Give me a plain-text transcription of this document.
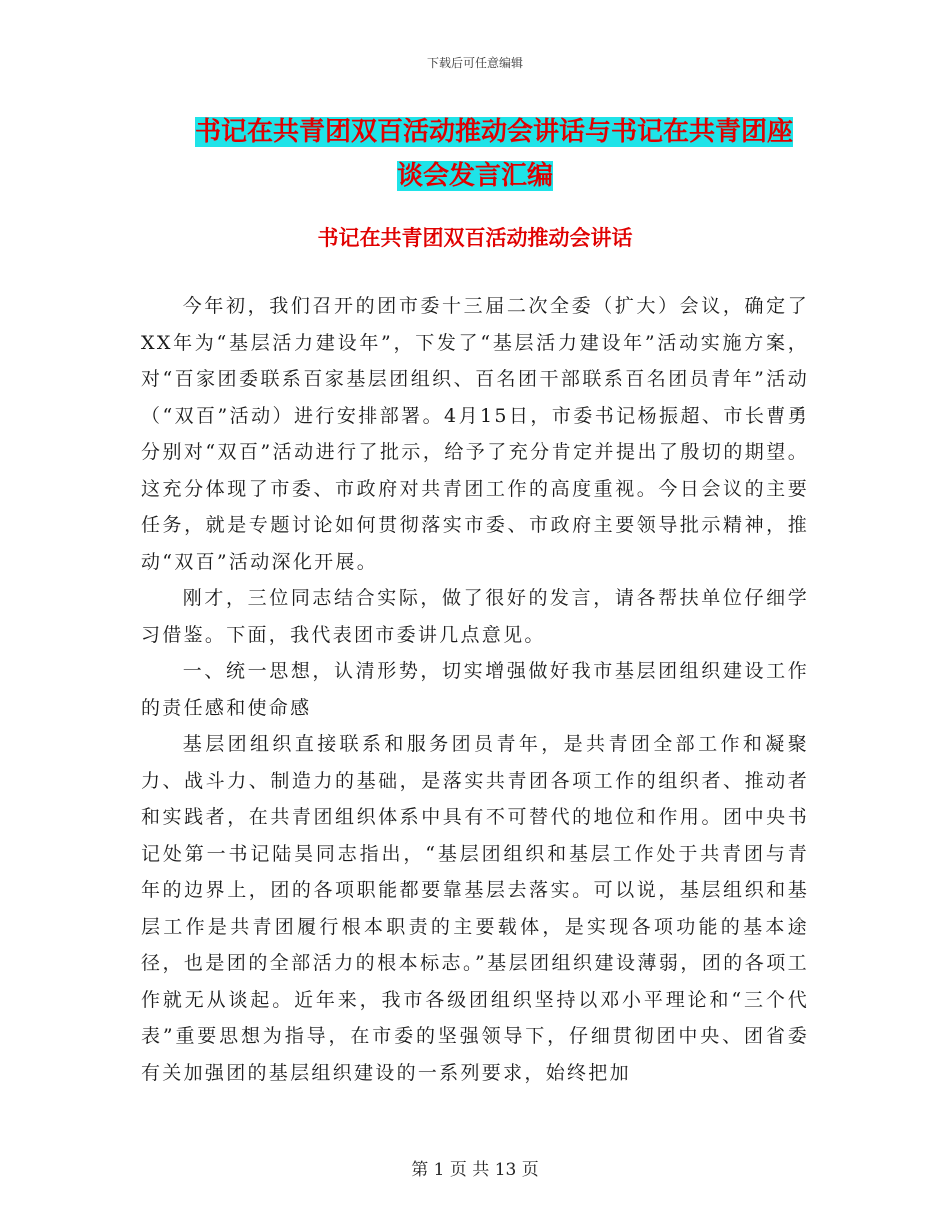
下载后可任意编辑
书记在共青团双百活动推动会讲话与书记在共青团座
谈会发言汇编
书记在共青团双百活动推动会讲话

今年初，我们召开的团市委十三届二次全委（扩大）会议，确定了XX年为“基层活力建设年”，下发了“基层活力建设年”活动实施方案，对“百家团委联系百家基层团组织、百名团干部联系百名团员青年”活动（“双百”活动）进行安排部署。4月15日，市委书记杨振超、市长曹勇分别对“双百”活动进行了批示，给予了充分肯定并提出了殷切的期望。这充分体现了市委、市政府对共青团工作的高度重视。今日会议的主要任务，就是专题讨论如何贯彻落实市委、市政府主要领导批示精神，推动“双百”活动深化开展。

刚才，三位同志结合实际，做了很好的发言，请各帮扶单位仔细学习借鉴。下面，我代表团市委讲几点意见。

一、统一思想，认清形势，切实增强做好我市基层团组织建设工作的责任感和使命感

基层团组织直接联系和服务团员青年，是共青团全部工作和凝聚力、战斗力、制造力的基础，是落实共青团各项工作的组织者、推动者和实践者，在共青团组织体系中具有不可替代的地位和作用。团中央书记处第一书记陆昊同志指出，“基层团组织和基层工作处于共青团与青年的边界上，团的各项职能都要靠基层去落实。可以说，基层组织和基层工作是共青团履行根本职责的主要载体，是实现各项功能的基本途径，也是团的全部活力的根本标志。”基层团组织建设薄弱，团的各项工作就无从谈起。近年来，我市各级团组织坚持以邓小平理论和“三个代表”重要思想为指导，在市委的坚强领导下，仔细贯彻团中央、团省委有关加强团的基层组织建设的一系列要求，始终把加

第 1 页 共 13 页
